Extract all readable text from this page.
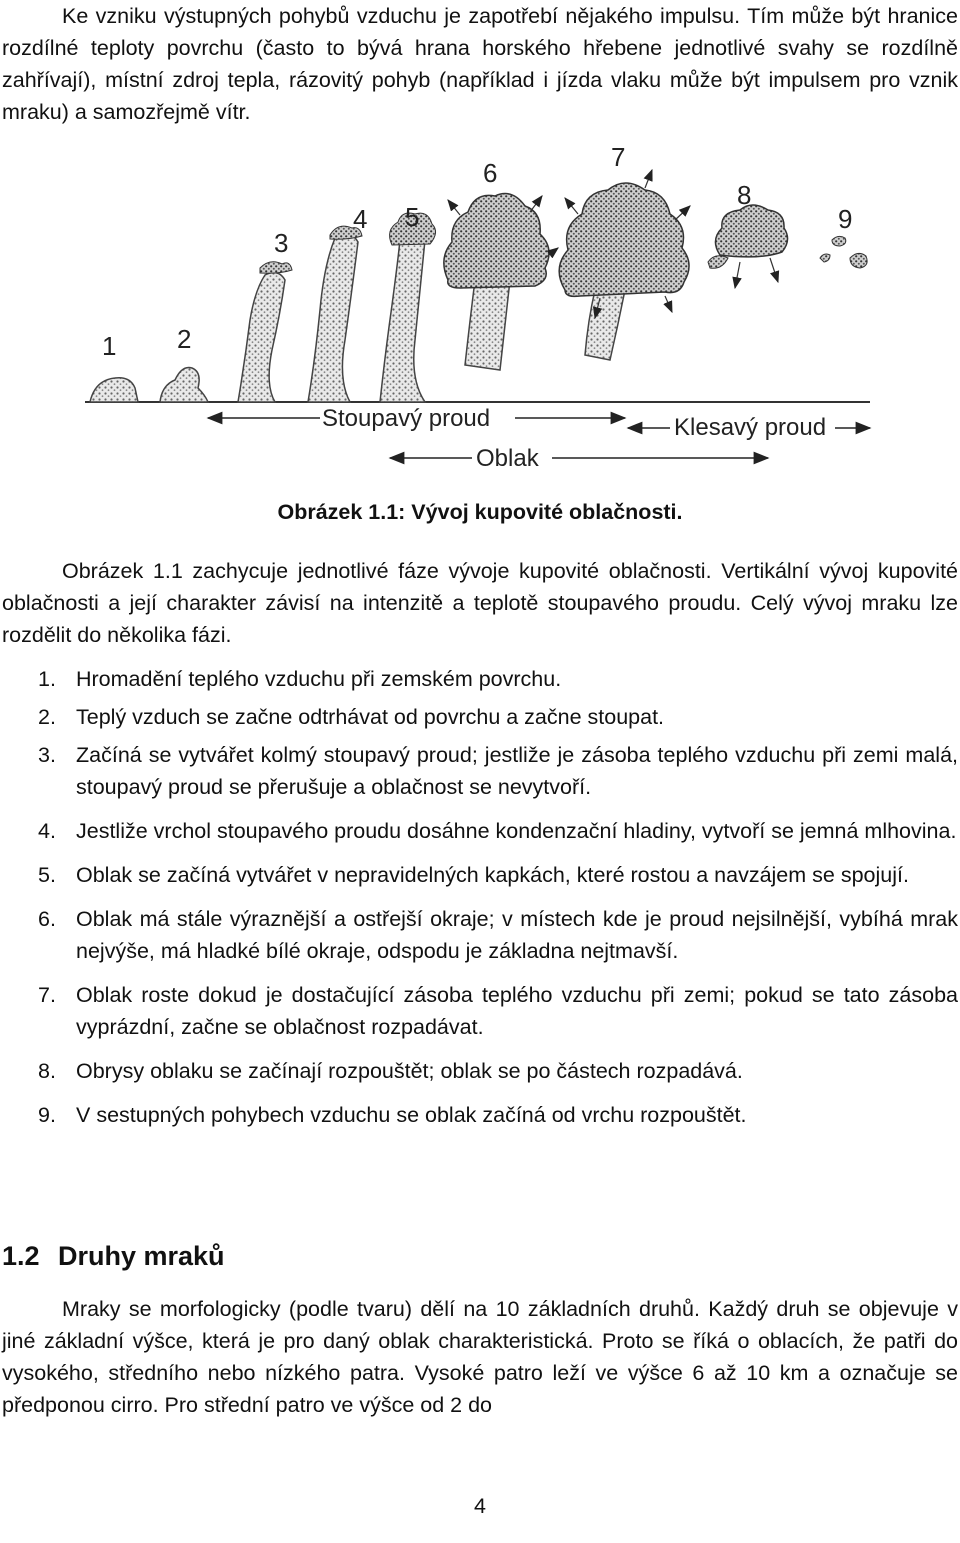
Ke vzniku výstupných pohybů vzduchu je zapotřebí nějakého impulsu. Tím může být hranice rozdílné teploty povrchu (často to bývá hrana horského hřebene jednotlivé svahy se rozdílně zahřívají), místní zdroj tepla, rázovitý pohyb (například i jízda vlaku může být impulsem pro vznik mraku) a samozřejmě vítr.

1 2
3
4 5
6
7
8
9
Stoupavý proud	Klesavý proud
Oblak
Obrázek 1.1: Vývoj kupovité oblačnosti.

Obrázek 1.1 zachycuje jednotlivé fáze vývoje kupovité oblačnosti. Vertikální vývoj kupovité oblačnosti a její charakter závisí na intenzitě a teplotě stoupavého proudu. Celý vývoj mraku lze rozdělit do několika fázi.

1. Hromadění teplého vzduchu při zemském povrchu.
2. Teplý vzduch se začne odtrhávat od povrchu a začne stoupat.
3. Začíná se vytvářet kolmý stoupavý proud; jestliže je zásoba teplého vzduchu při zemi malá, stoupavý proud se přerušuje a oblačnost se nevytvoří.
4. Jestliže vrchol stoupavého proudu dosáhne kondenzační hladiny, vytvoří se jemná mlhovina.
5. Oblak se začíná vytvářet v nepravidelných kapkách, které rostou a navzájem se spojují.
6. Oblak má stále výraznější a ostřejší okraje; v místech kde je proud nejsilnější, vybíhá mrak nejvýše, má hladké bílé okraje, odspodu je základna nejtmavší.
7. Oblak roste dokud je dostačující zásoba teplého vzduchu při zemi; pokud se tato zásoba vyprázdní, začne se oblačnost rozpadávat.
8. Obrysy oblaku se začínají rozpouštět; oblak se po částech rozpadává.
9. V sestupných pohybech vzduchu se oblak začíná od vrchu rozpouštět.
1.2 Druhy mraků

Mraky se morfologicky (podle tvaru) dělí na 10 základních druhů. Každý druh se objevuje v jiné základní výšce, která je pro daný oblak charakteristická. Proto se říká o oblacích, že patři do vysokého, středního nebo nízkého patra. Vysoké patro leží ve výšce 6 až 10 km a označuje se předponou cirro. Pro střední patro ve výšce od 2 do

4
